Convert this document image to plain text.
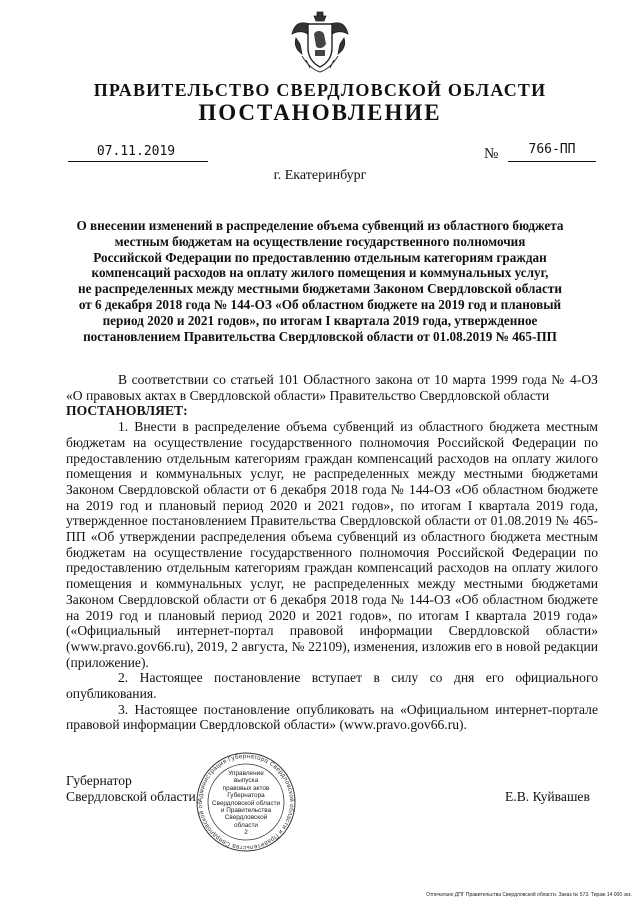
ПРАВИТЕЛЬСТВО СВЕРДЛОВСКОЙ ОБЛАСТИ
ПОСТАНОВЛЕНИЕ
07.11.2019	№	766-ПП
г. Екатеринбург
О внесении изменений в распределение объема субвенций из областного бюджета
местным бюджетам на осуществление государственного полномочия
Российской Федерации по предоставлению отдельным категориям граждан
компенсаций расходов на оплату жилого помещения и коммунальных услуг,
не распределенных между местными бюджетами Законом Свердловской области
от 6 декабря 2018 года № 144-ОЗ «Об областном бюджете на 2019 год и плановый
период 2020 и 2021 годов», по итогам I квартала 2019 года, утвержденное
постановлением Правительства Свердловской области от 01.08.2019 № 465-ПП

В соответствии со статьей 101 Областного закона от 10 марта 1999 года № 4-ОЗ «О правовых актах в Свердловской области» Правительство Свердловской области

ПОСТАНОВЛЯЕТ:

1. Внести в распределение объема субвенций из областного бюджета местным бюджетам на осуществление государственного полномочия Российской Федерации по предоставлению отдельным категориям граждан компенсаций расходов на оплату жилого помещения и коммунальных услуг, не распределенных между местными бюджетами Законом Свердловской области от 6 декабря 2018 года № 144-ОЗ «Об областном бюджете на 2019 год и плановый период 2020 и 2021 годов», по итогам I квартала 2019 года, утвержденное постановлением Правительства Свердловской области от 01.08.2019 № 465-ПП «Об утверждении распределения объема субвенций из областного бюджета местным бюджетам на осуществление государственного полномочия Российской Федерации по предоставлению отдельным категориям граждан компенсаций расходов на оплату жилого помещения и коммунальных услуг, не распределенных между местными бюджетами Законом Свердловской области от 6 декабря 2018 года № 144-ОЗ «Об областном бюджете на 2019 год и плановый период 2020 и 2021 годов», по итогам I квартала 2019 года» («Официальный интернет-портал правовой информации Свердловской области» (www.pravo.gov66.ru), 2019, 2 августа, № 22109), изменения, изложив его в новой редакции (приложение).

2. Настоящее постановление вступает в силу со дня его официального опубликования.

3. Настоящее постановление опубликовать на «Официальном интернет-портале правовой информации Свердловской области» (www.pravo.gov66.ru).

Губернатор
Свердловской области Администрация Губернатора Свердловской области и Правительства Свердловской об
Управление
выпуска
правовых актов
Губернатора
Свердловской области
и Правительства
Свердловской
области
2
Е.В. Куйвашев
Отпечатано ДПГ Правительства Свердловской области. Заказ № 573. Тираж 14 000 экз.
